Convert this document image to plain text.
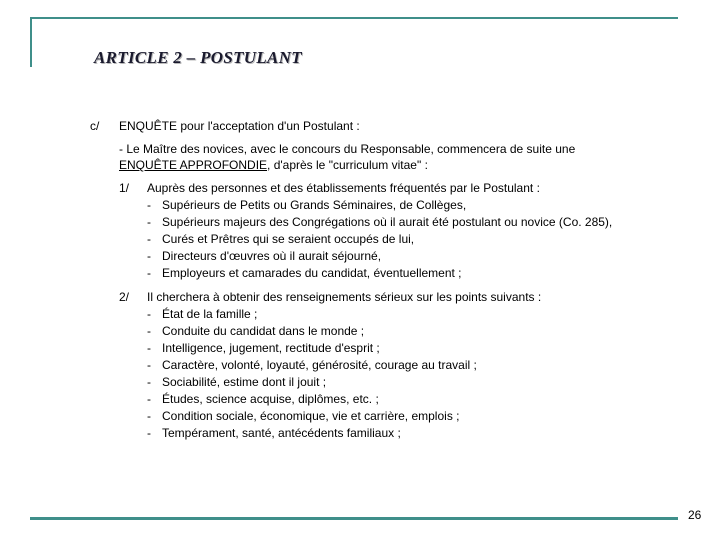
ARTICLE 2 – POSTULANT
c/ ENQUÊTE pour l'acceptation d'un Postulant :
- Le Maître des novices, avec le concours du Responsable, commencera de suite une
ENQUÊTE APPROFONDIE, d'après le "curriculum vitae" :
1/ Auprès des personnes et des établissements fréquentés par le Postulant :
- Supérieurs de Petits ou Grands Séminaires, de Collèges,
- Supérieurs majeurs des Congrégations où il aurait été postulant ou novice (Co. 285),
- Curés et Prêtres qui se seraient occupés de lui,
- Directeurs d'œuvres où il aurait séjourné,
- Employeurs et camarades du candidat, éventuellement ;
2/ Il cherchera à obtenir des renseignements sérieux sur les points suivants :
- État de la famille ;
- Conduite du candidat dans le monde ;
- Intelligence, jugement, rectitude d'esprit ;
- Caractère, volonté, loyauté, générosité, courage au travail ;
- Sociabilité, estime dont il jouit ;
- Études, science acquise, diplômes, etc. ;
- Condition sociale, économique, vie et carrière, emplois ;
- Tempérament, santé, antécédents familiaux ;
26
